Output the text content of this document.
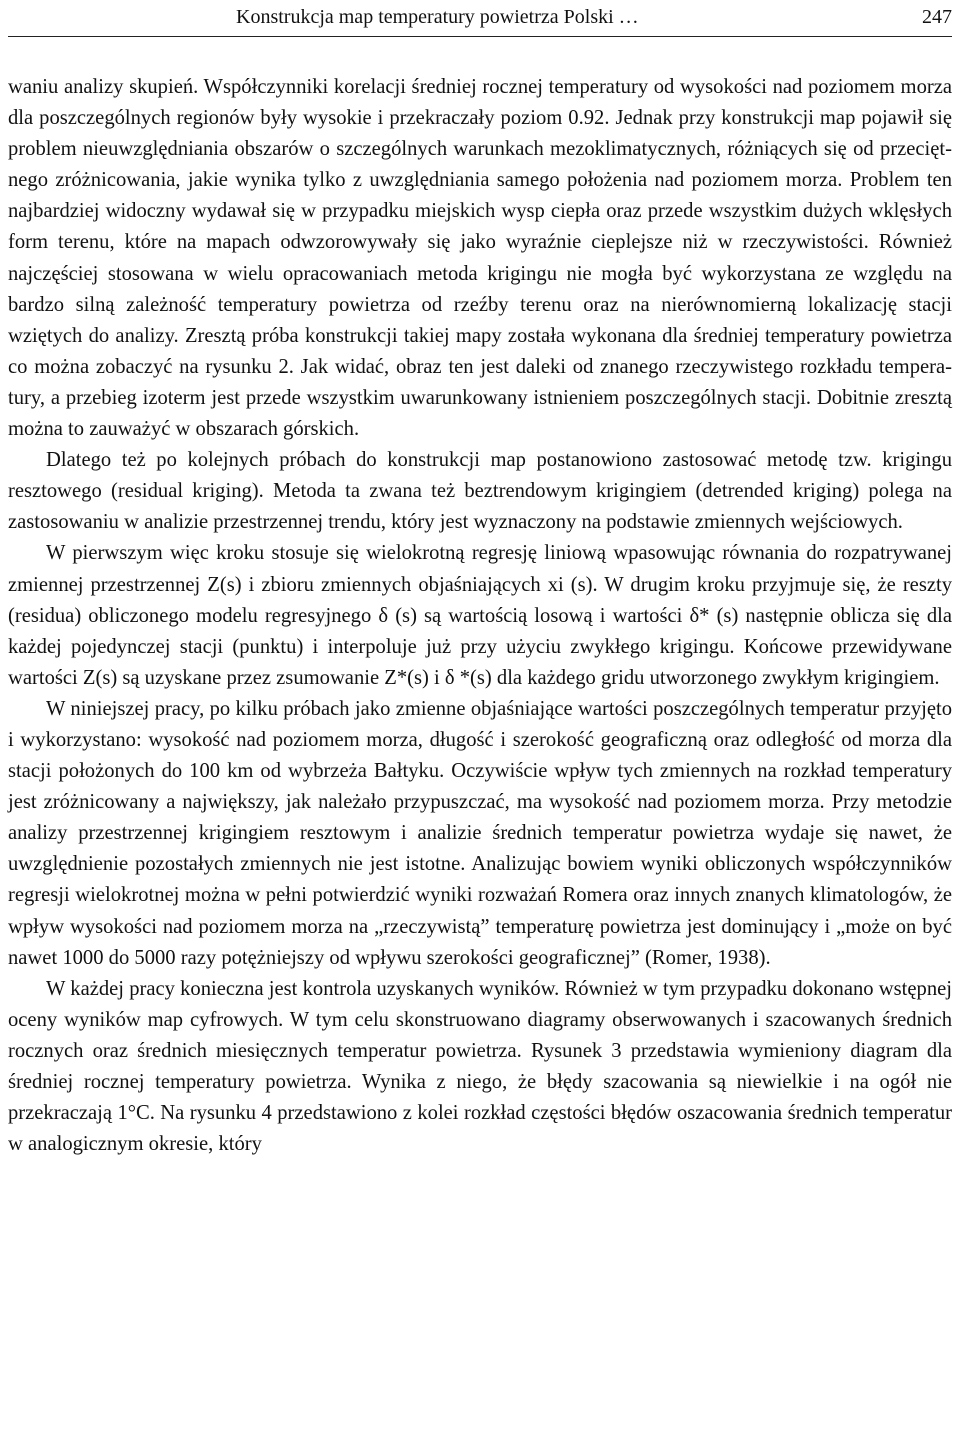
Konstrukcja map temperatury powietrza Polski …	247

waniu analizy skupień. Współczynniki korelacji średniej rocznej temperatury od wysokości nad poziomem morza dla poszczególnych regionów były wysokie i przekraczały poziom 0.92. Jednak przy konstrukcji map pojawił się problem nieuwzględniania obszarów o szczególnych warunkach mezoklimatycznych, różniących się od przeciętnego zróżnicowania, jakie wynika tylko z uwzględniania samego położenia nad poziomem morza. Problem ten najbardziej widoczny wydawał się w przypadku miejskich wysp ciepła oraz przede wszystkim dużych wklęsłych form terenu, które na mapach odwzorowywały się jako wyraźnie cieplejsze niż w rzeczywistości. Również najczęściej stosowana w wielu opracowaniach metoda krigingu nie mogła być wykorzystana ze względu na bardzo silną zależność temperatury powietrza od rzeźby terenu oraz na nierównomierną lokalizację stacji wziętych do analizy. Zresztą próba konstrukcji takiej mapy została wykonana dla średniej temperatury powietrza co można zobaczyć na rysunku 2. Jak widać, obraz ten jest daleki od znanego rzeczywistego rozkładu temperatury, a przebieg izoterm jest przede wszystkim uwarunkowany istnieniem poszczególnych stacji. Dobitnie zresztą można to zauważyć w obszarach górskich.

Dlatego też po kolejnych próbach do konstrukcji map postanowiono zastosować metodę tzw. krigingu resztowego (residual kriging). Metoda ta zwana też beztrendowym krigingiem (detrended kriging) polega na zastosowaniu w analizie przestrzennej trendu, który jest wyznaczony na podstawie zmiennych wejściowych.

W pierwszym więc kroku stosuje się wielokrotną regresję liniową wpasowując równania do rozpatrywanej zmiennej przestrzennej Z(s) i zbioru zmiennych objaśniających xi (s). W drugim kroku przyjmuje się, że reszty (residua) obliczonego modelu regresyjnego δ (s) są wartością losową i wartości δ* (s) następnie oblicza się dla każdej pojedynczej stacji (punktu) i interpoluje już przy użyciu zwykłego krigingu. Końcowe przewidywane wartości Z(s) są uzyskane przez zsumowanie Z*(s) i δ *(s) dla każdego gridu utworzonego zwykłym krigingiem.

W niniejszej pracy, po kilku próbach jako zmienne objaśniające wartości poszczególnych temperatur przyjęto i wykorzystano: wysokość nad poziomem morza, długość i szerokość geograficzną oraz odległość od morza dla stacji położonych do 100 km od wybrzeża Bałtyku. Oczywiście wpływ tych zmiennych na rozkład temperatury jest zróżnicowany a największy, jak należało przypuszczać, ma wysokość nad poziomem morza. Przy metodzie analizy przestrzennej krigingiem resztowym i analizie średnich temperatur powietrza wydaje się nawet, że uwzględnienie pozostałych zmiennych nie jest istotne. Analizując bowiem wyniki obliczonych współczynników regresji wielokrotnej można w pełni potwierdzić wyniki rozważań Romera oraz innych znanych klimatologów, że wpływ wysokości nad poziomem morza na „rzeczywistą” temperaturę powietrza jest dominujący i „może on być nawet 1000 do 5000 razy potężniejszy od wpływu szerokości geograficznej” (Romer, 1938).

W każdej pracy konieczna jest kontrola uzyskanych wyników. Również w tym przypadku dokonano wstępnej oceny wyników map cyfrowych. W tym celu skonstruowano diagramy obserwowanych i szacowanych średnich rocznych oraz średnich miesięcznych temperatur powietrza. Rysunek 3 przedstawia wymieniony diagram dla średniej rocznej temperatury powietrza. Wynika z niego, że błędy szacowania są niewielkie i na ogół nie przekraczają 1°C. Na rysunku 4 przedstawiono z kolei rozkład częstości błędów oszacowania średnich temperatur w analogicznym okresie, który
